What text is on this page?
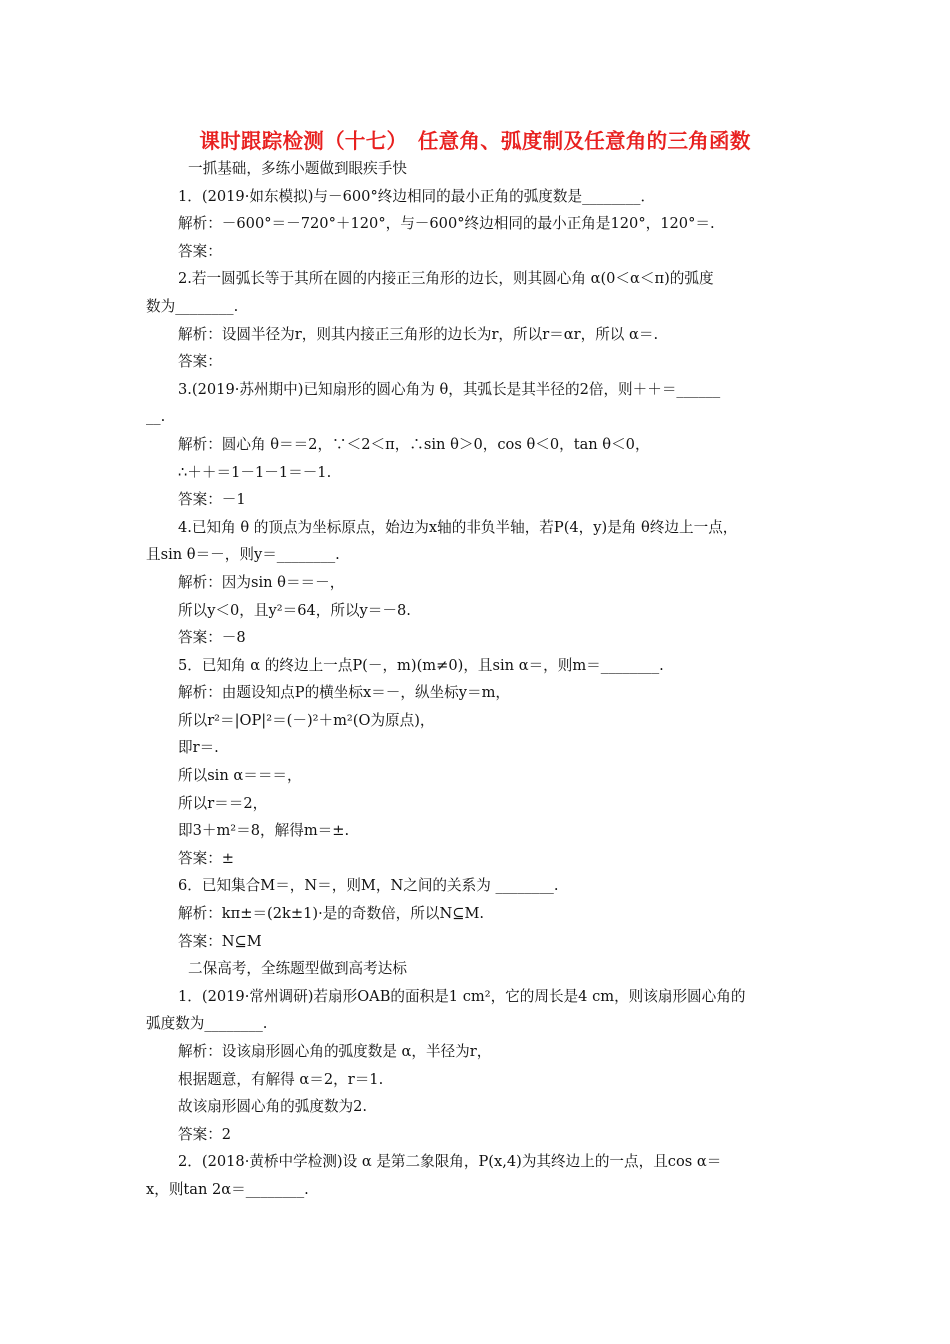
课时跟踪检测（十七）　任意角、弧度制及任意角的三角函数
一抓基础，多练小题做到眼疾手快
1．(2019·如东模拟)与－600°终边相同的最小正角的弧度数是________．
解析：－600°＝－720°＋120°，与－600°终边相同的最小正角是120°，120°＝.
答案：
2.若一圆弧长等于其所在圆的内接正三角形的边长，则其圆心角 α(0＜α＜π)的弧度
数为________.
解析：设圆半径为r，则其内接正三角形的边长为r，所以r＝αr，所以 α＝.
答案：
3.(2019·苏州期中)已知扇形的圆心角为 θ，其弧长是其半径的2倍，则＋＋＝______
__.
解析：圆心角 θ＝＝2，∵＜2＜π，∴sin θ＞0，cos θ＜0，tan θ＜0，
∴＋＋＝1－1－1＝－1.
答案：－1
4.已知角 θ 的顶点为坐标原点，始边为x轴的非负半轴，若P(4，y)是角 θ终边上一点，
且sin θ＝－，则y＝________.
解析：因为sin θ＝＝－，
所以y＜0，且y²＝64，所以y＝－8.
答案：－8
5．已知角 α 的终边上一点P(－，m)(m≠0)，且sin α＝，则m＝________.
解析：由题设知点P的横坐标x＝－，纵坐标y＝m，
所以r²＝|OP|²＝(－)²＋m²(O为原点)，
即r＝.
所以sin α＝＝＝，
所以r＝＝2，
即3＋m²＝8，解得m＝±.
答案：±
6．已知集合M＝，N＝，则M，N之间的关系为 ________.
解析：kπ±＝(2k±1)·是的奇数倍，所以N⊆M.
答案：N⊆M
二保高考，全练题型做到高考达标
1．(2019·常州调研)若扇形OAB的面积是1 cm²，它的周长是4 cm，则该扇形圆心角的
弧度数为________.
解析：设该扇形圆心角的弧度数是 α，半径为r，
根据题意，有解得 α＝2，r＝1.
故该扇形圆心角的弧度数为2.
答案：2
2．(2018·黄桥中学检测)设 α 是第二象限角，P(x,4)为其终边上的一点，且cos α＝
x，则tan 2α＝________.
